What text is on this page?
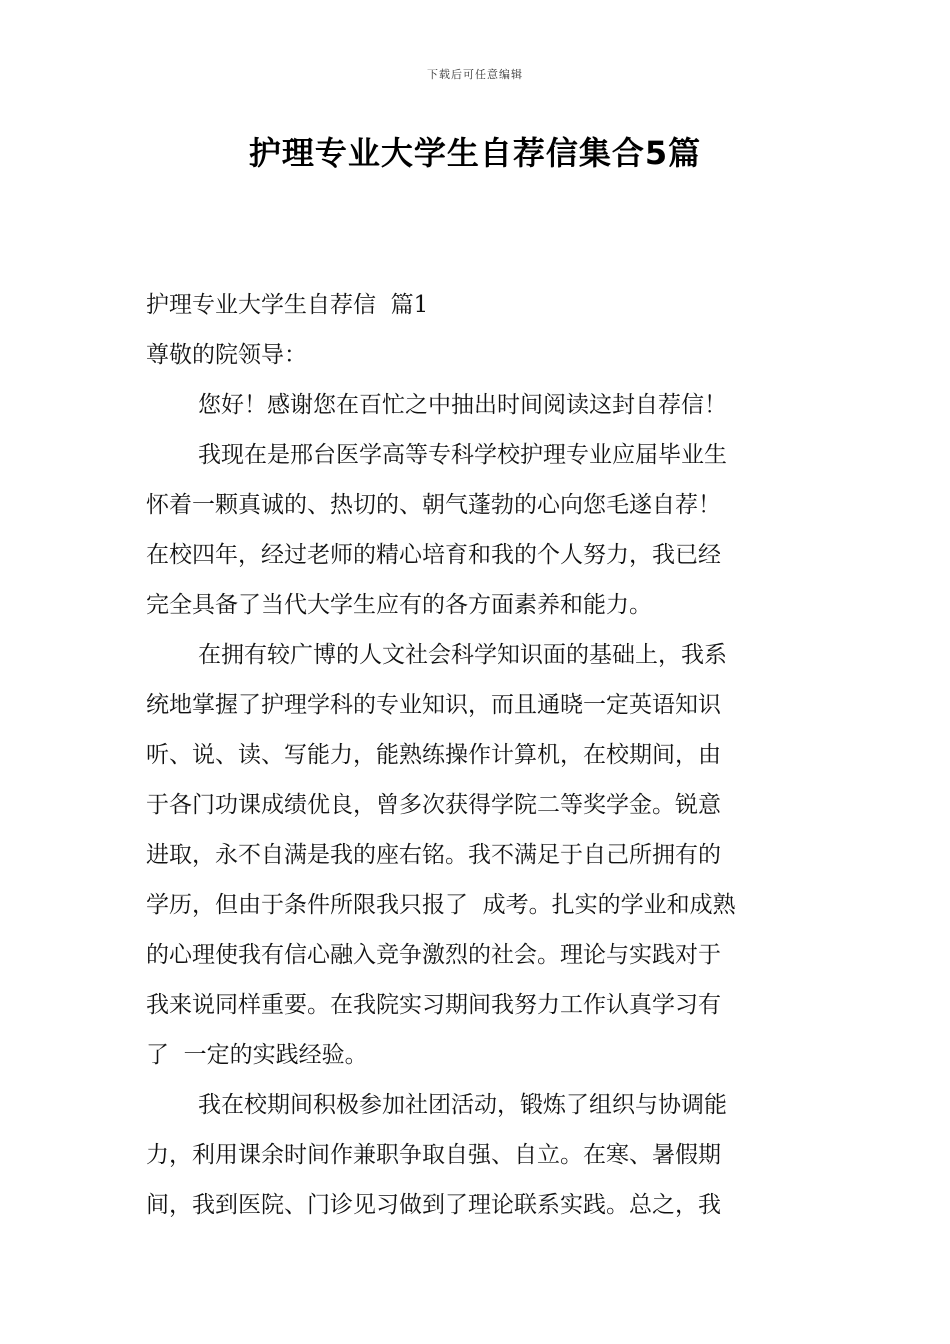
下载后可任意编辑
护理专业大学生自荐信集合5篇
护理专业大学生自荐信  篇1
尊敬的院领导：
您好！感谢您在百忙之中抽出时间阅读这封自荐信！
我现在是邢台医学高等专科学校护理专业应届毕业生
怀着一颗真诚的、热切的、朝气蓬勃的心向您毛遂自荐！
在校四年，经过老师的精心培育和我的个人努力，我已经
完全具备了当代大学生应有的各方面素养和能力。
在拥有较广博的人文社会科学知识面的基础上，我系
统地掌握了护理学科的专业知识，而且通晓一定英语知识
听、说、读、写能力，能熟练操作计算机，在校期间，由
于各门功课成绩优良，曾多次获得学院二等奖学金。锐意
进取，永不自满是我的座右铭。我不满足于自己所拥有的
学历，但由于条件所限我只报了  成考。扎实的学业和成熟
的心理使我有信心融入竞争激烈的社会。理论与实践对于
我来说同样重要。在我院实习期间我努力工作认真学习有
了  一定的实践经验。
我在校期间积极参加社团活动，锻炼了组织与协调能
力，利用课余时间作兼职争取自强、自立。在寒、暑假期
间，我到医院、门诊见习做到了理论联系实践。总之，我
